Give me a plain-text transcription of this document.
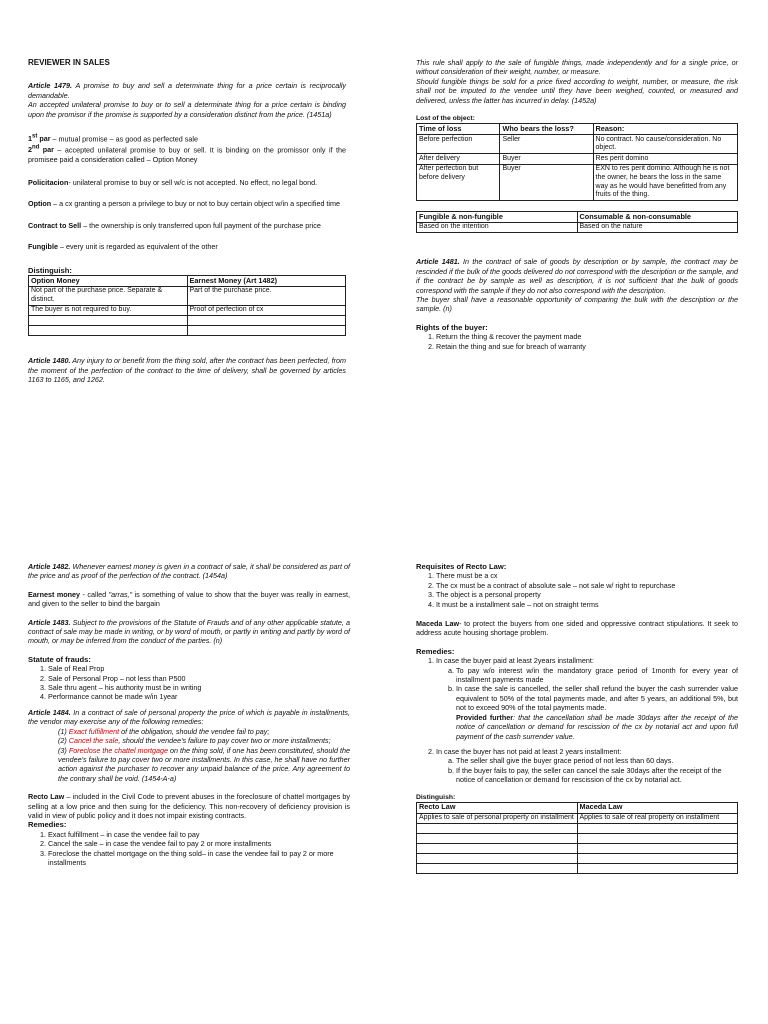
REVIEWER IN SALES
Article 1479. A promise to buy and sell a determinate thing for a price certain is reciprocally demandable.
An accepted unilateral promise to buy or to sell a determinate thing for a price certain is binding upon the promisor if the promise is supported by a consideration distinct from the price. (1451a)
1st par – mutual promise – as good as perfected sale
2nd par – accepted unilateral promise to buy or sell. It is binding on the promissor only if the promisee paid a consideration called – Option Money
Policitacion- unilateral promise to buy or sell w/c is not accepted. No effect, no legal bond.
Option – a cx granting a person a privilege to buy or not to buy certain object w/in a specified time
Contract to Sell – the ownership is only transferred upon full payment of the purchase price
Fungible – every unit is regarded as equivalent of the other
Distinguish:
Option Money	Earnest Money (Art 1482)
Not part of the purchase price. Separate & distinct.	Part of the purchase price.
The buyer is not required to buy.	Proof of perfection of cx

Article 1480. Any injury to or benefit from the thing sold, after the contract has been perfected, from the moment of the perfection of the contract to the time of delivery, shall be governed by articles 1163 to 1165, and 1262.
This rule shall apply to the sale of fungible things, made independently and for a single price, or without consideration of their weight, number, or measure.
Should fungible things be sold for a price fixed according to weight, number, or measure, the risk shall not be imputed to the vendee until they have been weighed, counted, or measured and delivered, unless the latter has incurred in delay. (1452a)
Lost of the object:
Time of loss	Who bears the loss?	Reason:
Before perfection	Seller	No contract. No cause/consideration. No object.
After delivery	Buyer	Res perit domino
After perfection but before delivery	Buyer	EXN to res perit domino. Although he is not the owner, he bears the loss in the same way as he would have benefitted from any fruits of the thing.
Fungible & non-fungible	Consumable & non-consumable
Based on the intention	Based on the nature
Article 1481. In the contract of sale of goods by description or by sample, the contract may be rescinded if the bulk of the goods delivered do not correspond with the description or the sample, and if the contract be by sample as well as description, it is not sufficient that the bulk of goods correspond with the sample if they do not also correspond with the description.
The buyer shall have a reasonable opportunity of comparing the bulk with the description or the sample. (n)
Rights of the buyer:
1. Return the thing & recover the payment made
2. Retain the thing and sue for breach of warranty
Article 1482. Whenever earnest money is given in a contract of sale, it shall be considered as part of the price and as proof of the perfection of the contract. (1454a)
Earnest money - called "arras," is something of value to show that the buyer was really in earnest, and given to the seller to bind the bargain
Article 1483. Subject to the provisions of the Statute of Frauds and of any other applicable statute, a contract of sale may be made in writing, or by word of mouth, or partly in writing and partly by word of mouth, or may be inferred from the conduct of the parties. (n)
Statute of frauds:
1. Sale of Real Prop
2. Sale of Personal Prop – not less than P500
3. Sale thru agent – his authority must be in writing
4. Performance cannot be made w/in 1year
Article 1484. In a contract of sale of personal property the price of which is payable in installments, the vendor may exercise any of the following remedies:
(1) Exact fulfillment of the obligation, should the vendee fail to pay;
(2) Cancel the sale, should the vendee's failure to pay cover two or more installments;
(3) Foreclose the chattel mortgage on the thing sold, if one has been constituted, should the vendee's failure to pay cover two or more installments. In this case, he shall have no further action against the purchaser to recover any unpaid balance of the price. Any agreement to the contrary shall be void. (1454-A-a)
Recto Law – included in the Civil Code to prevent abuses in the foreclosure of chattel mortgages by selling at a low price and then suing for the deficiency. This non-recovery of deficiency provision is valid in view of public policy and it does not impair existing contracts.
Remedies:
1. Exact fulfillment – in case the vendee fail to pay
2. Cancel the sale – in case the vendee fail to pay 2 or more installments
3. Foreclose the chattel mortgage on the thing sold– in case the vendee fail to pay 2 or more installments
Requisites of Recto Law:
1. There must be a cx
2. The cx must be a contract of absolute sale – not sale w/ right to repurchase
3. The object is a personal property
4. It must be a installment sale – not on straight terms
Maceda Law- to protect the buyers from one sided and oppressive contract stipulations. It seek to address acute housing shortage problem.
Remedies:
1. In case the buyer paid at least 2years installment:
a. To pay w/o interest w/in the mandatory grace period of 1month for every year of installment payments made
b. In case the sale is cancelled, the seller shall refund the buyer the cash surrender value equivalent to 50% of the total payments made, and after 5 years, an additional 5%, but not to exceed 90% of the total payments made.
Provided further: that the cancellation shall be made 30days after the receipt of the notice of cancellation or demand for rescission of the cx by notarial act and upon full payment of the cash surrender value.
2. In case the buyer has not paid at least 2 years installment:
a. The seller shall give the buyer grace period of not less than 60 days.
b. If the buyer fails to pay, the seller can cancel the sale 30days after the receipt of the notice of cancellation or demand for rescission of the cx by notarial act.
Distinguish:
Recto Law	Maceda Law
Applies to sale of personal property on installment	Applies to sale of real property on installment
